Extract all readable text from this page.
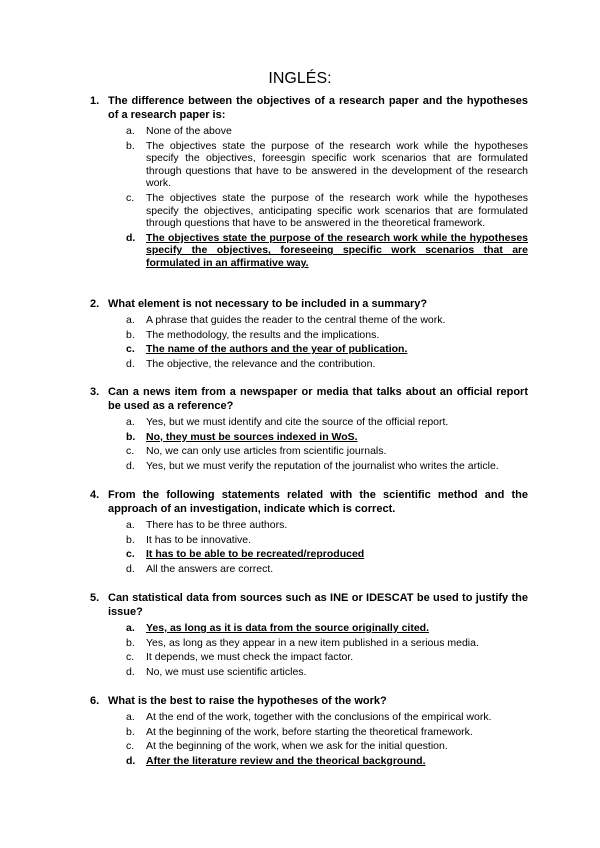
INGLÉS:
1. The difference between the objectives of a research paper and the hypotheses of a research paper is:
a.	None of the above
b.	The objectives state the purpose of the research work while the hypotheses specify the objectives, foreesgin specific work scenarios that are formulated through questions that have to be answered in the development of the research work.
c.	The objectives state the purpose of the research work while the hypotheses specify the objectives, anticipating specific work scenarios that are formulated through questions that have to be answered in the theoretical framework.
d.	The objectives state the purpose of the research work while the hypotheses specify the objectives, foreseeing specific work scenarios that are formulated in an affirmative way.
2. What element is not necessary to be included in a summary?
a.	A phrase that guides the reader to the central theme of the work.
b.	The methodology, the results and the implications.
c.	The name of the authors and the year of publication.
d.	The objective, the relevance and the contribution.
3. Can a news item from a newspaper or media that talks about an official report be used as a reference?
a.	Yes, but we must identify and cite the source of the official report.
b.	No, they must be sources indexed in WoS.
c.	No, we can only use articles from scientific journals.
d.	Yes, but we must verify the reputation of the journalist who writes the article.
4. From the following statements related with the scientific method and the approach of an investigation, indicate which is correct.
a.	There has to be three authors.
b.	It has to be innovative.
c.	It has to be able to be recreated/reproduced
d.	All the answers are correct.
5. Can statistical data from sources such as INE or IDESCAT be used to justify the issue?
a.	Yes, as long as it is data from the source originally cited.
b.	Yes, as long as they appear in a new item published in a serious media.
c.	It depends, we must check the impact factor.
d.	No, we must use scientific articles.
6. What is the best to raise the hypotheses of the work?
a.	At the end of the work, together with the conclusions of the empirical work.
b.	At the beginning of the work, before starting the theoretical framework.
c.	At the beginning of the work, when we ask for the initial question.
d.	After the literature review and the theorical background.
